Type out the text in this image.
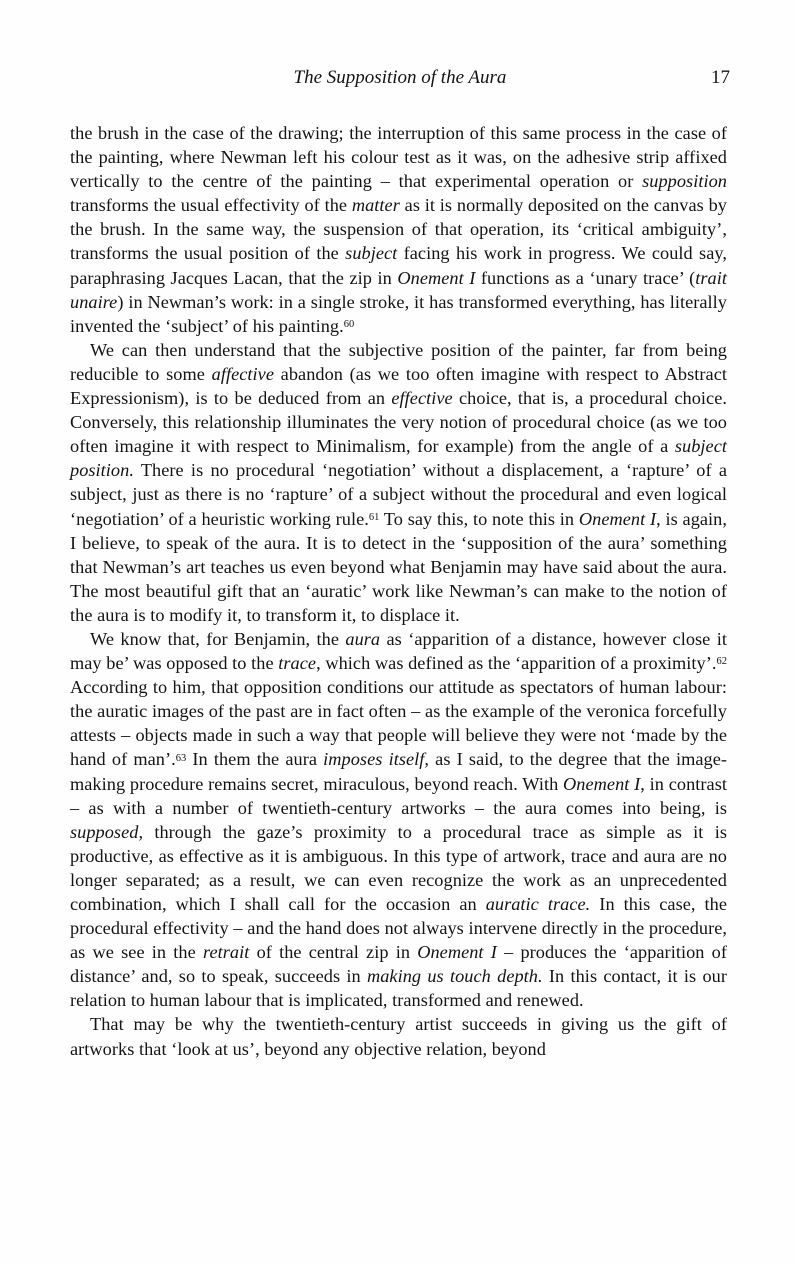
The Supposition of the Aura	17

the brush in the case of the drawing; the interruption of this same process in the case of the painting, where Newman left his colour test as it was, on the adhesive strip affixed vertically to the centre of the painting – that experimental operation or supposition transforms the usual effectivity of the matter as it is normally deposited on the canvas by the brush. In the same way, the suspension of that operation, its ‘critical ambiguity’, transforms the usual position of the subject facing his work in progress. We could say, paraphrasing Jacques Lacan, that the zip in Onement I functions as a ‘unary trace’ (trait unaire) in Newman’s work: in a single stroke, it has transformed everything, has literally invented the ‘subject’ of his painting.$^{60}$

We can then understand that the subjective position of the painter, far from being reducible to some affective abandon (as we too often imagine with respect to Abstract Expressionism), is to be deduced from an effective choice, that is, a procedural choice. Conversely, this relationship illuminates the very notion of procedural choice (as we too often imagine it with respect to Minimalism, for example) from the angle of a subject position. There is no procedural ‘negotiation’ without a displacement, a ‘rapture’ of a subject, just as there is no ‘rapture’ of a subject without the procedural and even logical ‘negotiation’ of a heuristic working rule.$^{61}$ To say this, to note this in Onement I, is again, I believe, to speak of the aura. It is to detect in the ‘supposition of the aura’ something that Newman’s art teaches us even beyond what Benjamin may have said about the aura. The most beautiful gift that an ‘auratic’ work like Newman’s can make to the notion of the aura is to modify it, to transform it, to displace it.

We know that, for Benjamin, the aura as ‘apparition of a distance, however close it may be’ was opposed to the trace, which was defined as the ‘apparition of a proximity’.$^{62}$ According to him, that opposition conditions our attitude as spectators of human labour: the auratic images of the past are in fact often – as the example of the veronica forcefully attests – objects made in such a way that people will believe they were not ‘made by the hand of man’.$^{63}$ In them the aura imposes itself, as I said, to the degree that the image-making procedure remains secret, miraculous, beyond reach. With Onement I, in contrast – as with a number of twentieth-century artworks – the aura comes into being, is supposed, through the gaze’s proximity to a procedural trace as simple as it is productive, as effective as it is ambiguous. In this type of artwork, trace and aura are no longer separated; as a result, we can even recognize the work as an unprecedented combination, which I shall call for the occasion an auratic trace. In this case, the procedural effectivity – and the hand does not always intervene directly in the procedure, as we see in the retrait of the central zip in Onement I – produces the ‘apparition of distance’ and, so to speak, succeeds in making us touch depth. In this contact, it is our relation to human labour that is implicated, transformed and renewed.

That may be why the twentieth-century artist succeeds in giving us the gift of artworks that ‘look at us’, beyond any objective relation, beyond
